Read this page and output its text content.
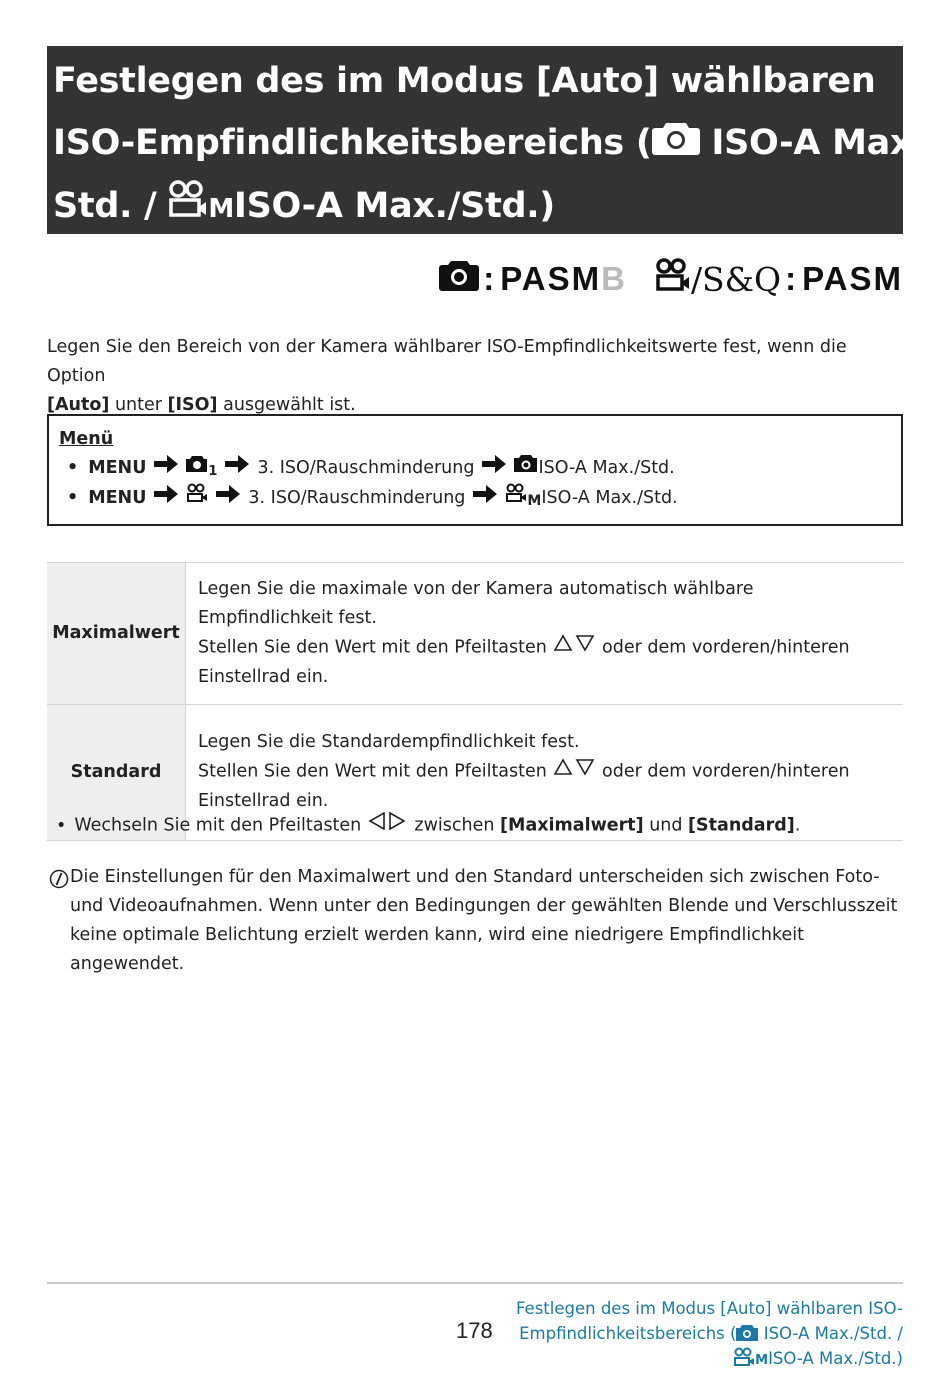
Festlegen des im Modus [Auto] wählbaren
ISO-Empfindlichkeitsbereichs ( ISO-A Max./
Std. / MISO-A Max./Std.)
: PASM B /S&Q : PASM
Legen Sie den Bereich von der Kamera wählbarer ISO-Empfindlichkeitswerte fest, wenn die Option
[Auto] unter [ISO] ausgewählt ist.
Menü
• MENU	1 3. ISO/Rauschminderung	ISO-A Max./Std.
• MENU	3. ISO/Rauschminderung	M ISO-A Max./Std.
Maximalwert	Legen Sie die maximale von der Kamera automatisch wählbare Empfindlichkeit fest.
Stellen Sie den Wert mit den Pfeiltasten oder dem vorderen/hinteren
Einstellrad ein.
Standard	Legen Sie die Standardempfindlichkeit fest.
Stellen Sie den Wert mit den Pfeiltasten oder dem vorderen/hinteren
Einstellrad ein.
• Wechseln Sie mit den Pfeiltasten  zwischen [Maximalwert] und [Standard].
Die Einstellungen für den Maximalwert und den Standard unterscheiden sich zwischen Foto- und Videoaufnahmen. Wenn unter den Bedingungen der gewählten Blende und Verschlusszeit keine optimale Belichtung erzielt werden kann, wird eine niedrigere Empfindlichkeit angewendet.
178
Festlegen des im Modus [Auto] wählbaren ISO-
Empfindlichkeitsbereichs ( ISO-A Max./Std. /
MISO-A Max./Std.)
